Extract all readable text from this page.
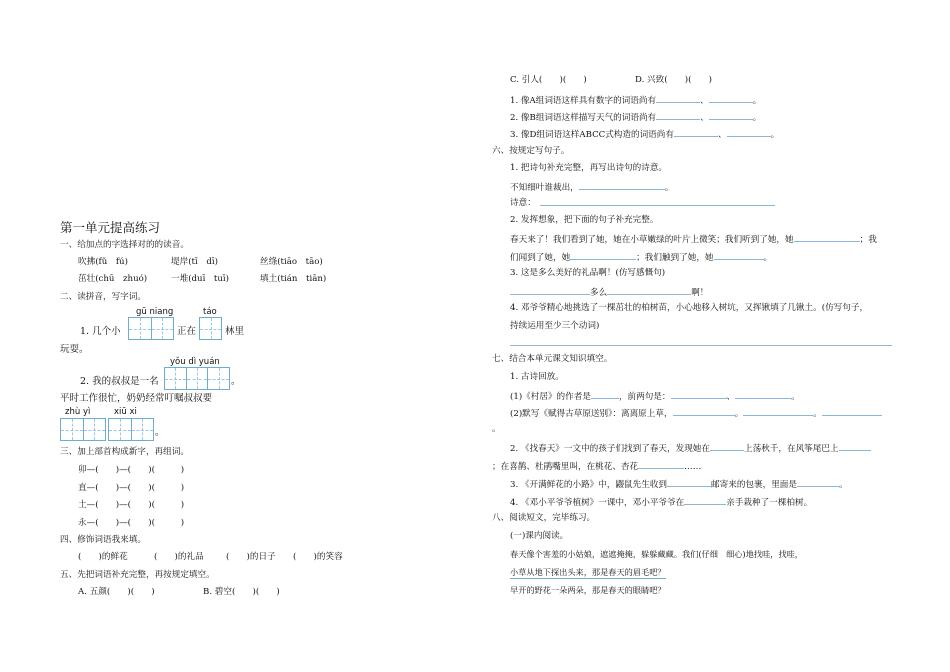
第一单元提高练习
一、给加点的字选择对的的读音。
吹拂(fǔ　fú)	堤岸(tī　dī)	丝绦(tiāo　tāo)
茁壮(chū　zhuó)	一堆(duī　tuī)	填土(tián　tiān)
二、读拼音，写字词。
gū niang	táo
1. 几个小	正在	林里
玩耍。
yǒu dì yuán
2. 我的叔叔是一名	。
平时工作很忙，奶奶经常叮嘱叔叔要
zhù yì	xiū xi
。
三、加上部首构成新字，再组词。
卯—(　　)—(　　)(　　　)
直—(　　)—(　　)(　　　)
土—(　　)—(　　)(　　　)
永—(　　)—(　　)(　　　)
四、修饰词语我来填。
(　　)的鲜花	(　　)的礼品	(　　)的日子 (　　)的笑容
五、先把词语补充完整，再按规定填空。
A. 五颜(　　)(　　)	B. 碧空(　　)(　　)
C. 引人(　　)(　　)	D. 兴致(　　)(　　)
1. 像A组词语这样具有数字的词语尚有	、	。
2. 像B组词语这样描写天气的词语尚有	、	。
3. 像D组词语这样ABCC式构造的词语尚有	、	。
六、按规定写句子。
1. 把诗句补充完整，再写出诗句的诗意。
不知细叶谁裁出，	。
诗意：
2. 发挥想象，把下面的句子补充完整。
春天来了！我们看到了她，她在小草嫩绿的叶片上微笑；我们听到了她，她	；我
们闻到了她，她	；我们触到了她，她	。
3. 这是多么美好的礼品啊！(仿写感慨句)
多么	啊！
4. 邓爷爷精心地挑选了一棵茁壮的柏树苗，小心地移入树坑，又挥锹填了几锹土。(仿写句子，
持续运用至少三个动词)
七、结合本单元课文知识填空。
1. 古诗回放。
(1)《村居》的作者是	，前两句是：	、	。
(2)默写《赋得古草原送别》：离离原上草，	。	。
。
2. 《找春天》一文中的孩子们找到了春天，发现她在	上荡秋千，在风筝尾巴上
；在喜鹊、杜鹃嘴里叫，在桃花、杏花	……
3. 《开满鲜花的小路》中，鼹鼠先生收到	邮寄来的包裹，里面是	。
4. 《邓小平爷爷植树》一课中，邓小平爷爷在	亲手栽种了一棵柏树。
八、阅读短文，完毕练习。
(一)课内阅读。
春天像个害羞的小姑娘，遮遮掩掩，躲躲藏藏。我们(仔细　细心)地找哇，找哇，
小草从地下探出头来，那是春天的眉毛吧？
早开的野花一朵两朵，那是春天的眼睛吧？
